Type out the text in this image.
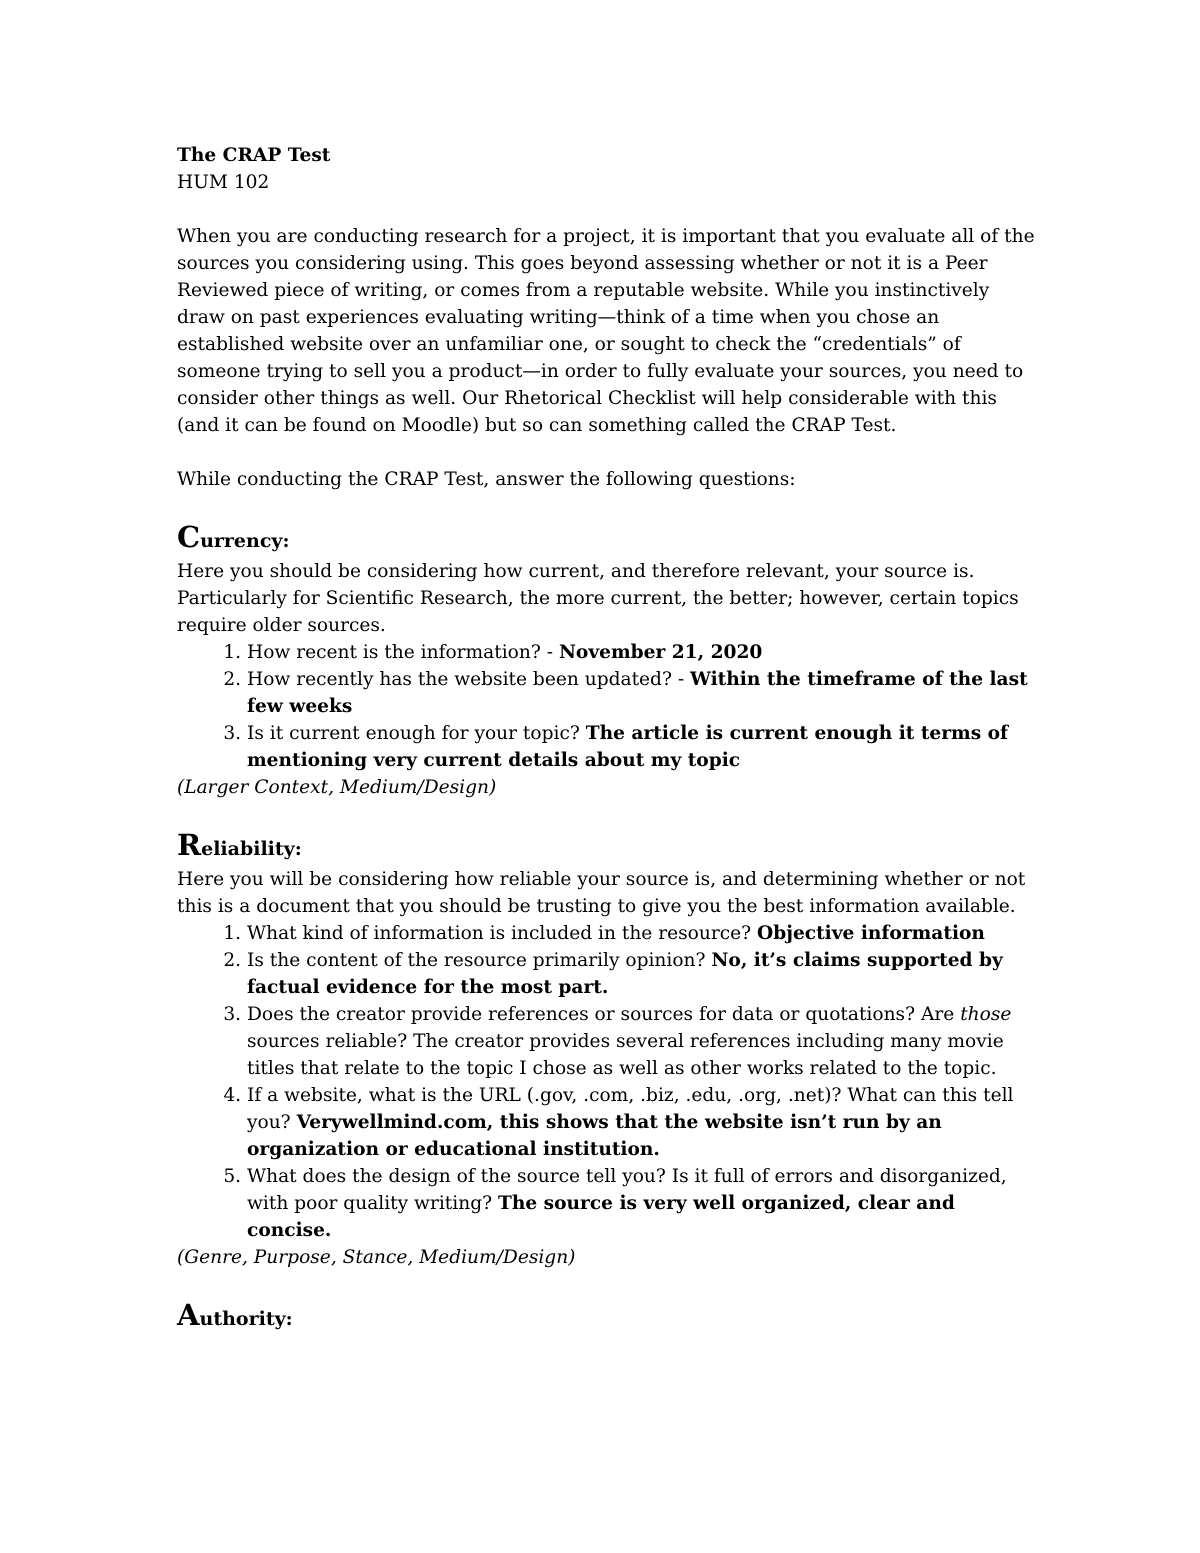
The CRAP Test

HUM 102

When you are conducting research for a project, it is important that you evaluate all of the sources you considering using. This goes beyond assessing whether or not it is a Peer Reviewed piece of writing, or comes from a reputable website. While you instinctively draw on past experiences evaluating writing—think of a time when you chose an established website over an unfamiliar one, or sought to check the “credentials” of someone trying to sell you a product—in order to fully evaluate your sources, you need to consider other things as well. Our Rhetorical Checklist will help considerable with this (and it can be found on Moodle) but so can something called the CRAP Test.

While conducting the CRAP Test, answer the following questions:

Currency:

Here you should be considering how current, and therefore relevant, your source is. Particularly for Scientific Research, the more current, the better; however, certain topics require older sources.

1. How recent is the information? - November 21, 2020
2. How recently has the website been updated? - Within the timeframe of the last few weeks
3. Is it current enough for your topic? The article is current enough it terms of mentioning very current details about my topic

(Larger Context, Medium/Design)

Reliability:

Here you will be considering how reliable your source is, and determining whether or not this is a document that you should be trusting to give you the best information available.

1. What kind of information is included in the resource? Objective information
2. Is the content of the resource primarily opinion? No, it’s claims supported by factual evidence for the most part.
3. Does the creator provide references or sources for data or quotations? Are those sources reliable? The creator provides several references including many movie titles that relate to the topic I chose as well as other works related to the topic.
4. If a website, what is the URL (.gov, .com, .biz, .edu, .org, .net)? What can this tell you? Verywellmind.com, this shows that the website isn’t run by an organization or educational institution.
5. What does the design of the source tell you? Is it full of errors and disorganized, with poor quality writing? The source is very well organized, clear and concise.

(Genre, Purpose, Stance, Medium/Design)

Authority:
